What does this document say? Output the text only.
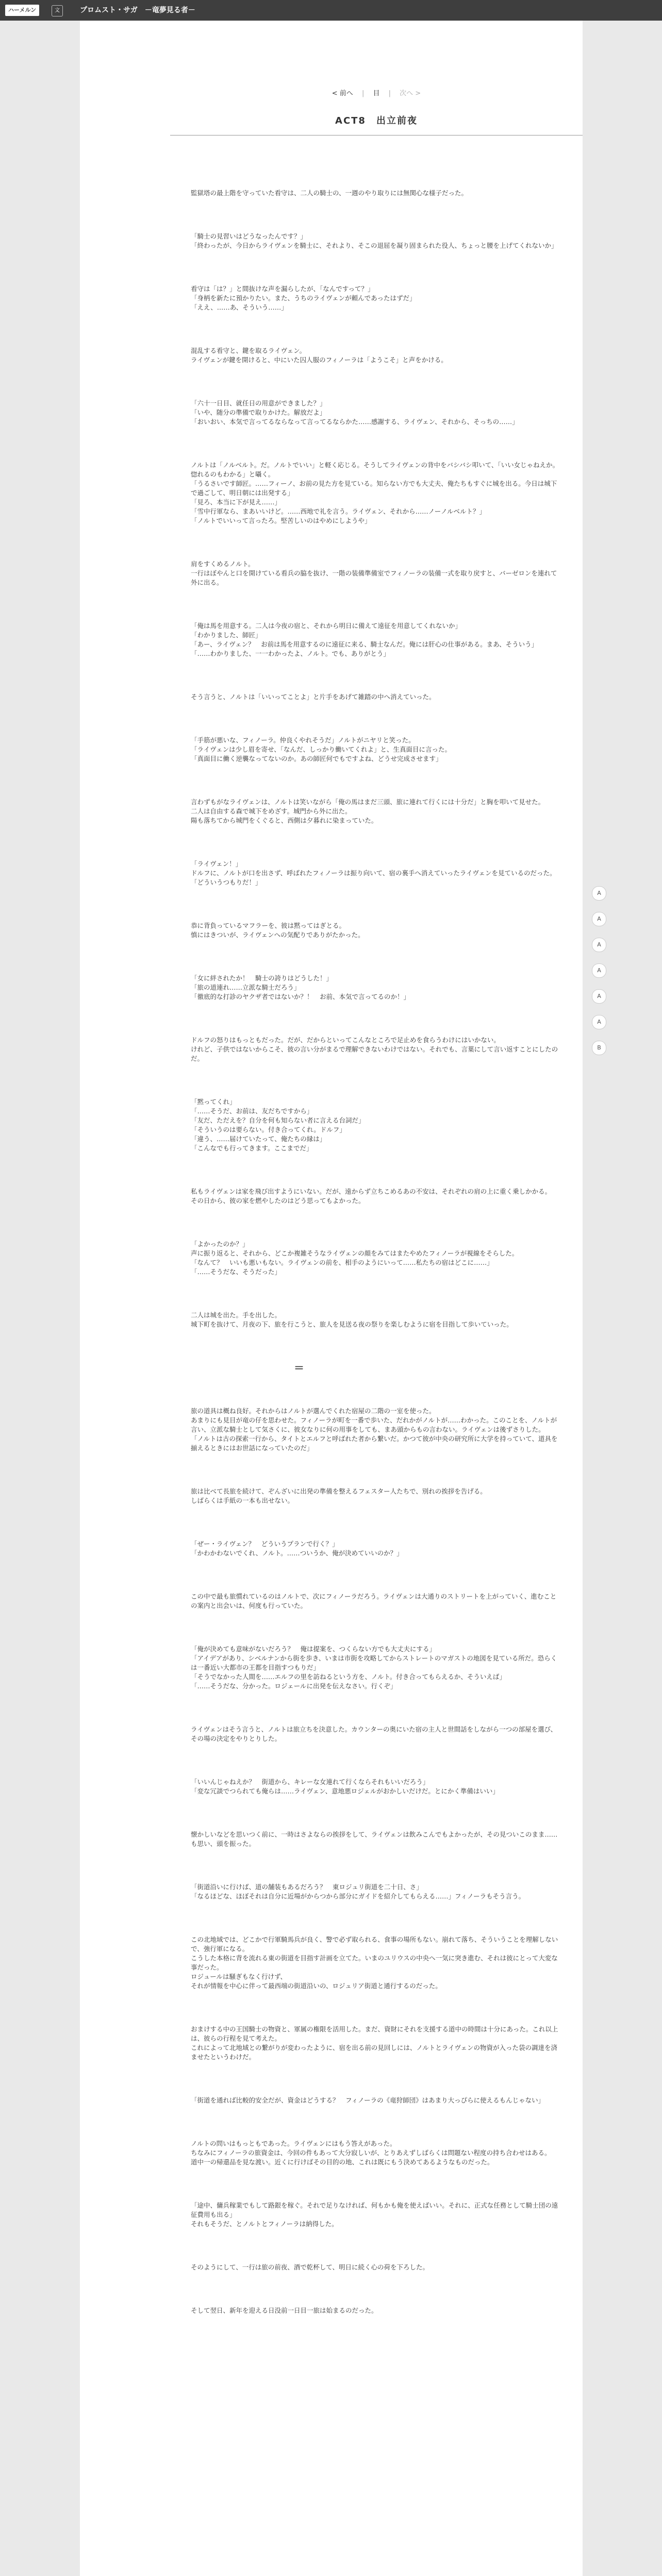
ハーメルン	文	プロムスト・サガ　－竜夢見る者－
< 前へ 　|　 目 　|　 次へ >
ACT8　出立前夜

監獄塔の最上階を守っていた看守は、二人の騎士の、一週のやり取りには無関心な様子だった。

「騎士の見習いはどうなったんです？」
「終わったが、今日からライヴェンを騎士に、それより、そこの退屈を凝り固まられた役人、ちょっと腰を上げてくれないか」

看守は「は？」と間抜けな声を漏らしたが、「なんですって？」
「身柄を新たに預かりたい。また、うちのライヴェンが頼んであったはずだ」
「ええ、……あ、そういう……」

混乱する看守と、鍵を取るライヴェン。
ライヴェンが鍵を開けると、中にいた囚人服のフィノーラは「ようこそ」と声をかける。

「六十一日目、就任日の用意ができました？」
「いや、随分の準備で取りかけた。解放だよ」
「おいおい、本気で言ってるならなって言ってるならかた……感謝する、ライヴェン、それから、そっちの……」

ノルトは「ノルベルト。だ。ノルトでいい」と軽く応じる。そうしてライヴェンの背中をバシバシ叩いて、「いい女じゃねえか。惚れるのもわかる」と囁く。
「うるさいです師匠。……フィーノ、お前の見た方を見ている。知らない方でも大丈夫、俺たちもすぐに城を出る。今日は城下で過ごして、明日朝には出発する」
「見ろ、本当に下が見え……」
「雪中行軍なら、まあいいけど。……西地で礼を言う。ライヴェン、それから……ノーノルベルト？」
「ノルトでいいって言ったろ。堅苦しいのはやめにしようや」

肩をすくめるノルト。
一行はぼやんと口を開けている看兵の脇を抜け、一階の装備準備室でフィノーラの装備一式を取り戻すと、バーゼロンを連れて外に出る。

「俺は馬を用意する。二人は今夜の宿と、それから明日に備えて遠征を用意してくれないか」
「わかりました、師匠」
「あー、ライヴェン？　お前は馬を用意するのに遠征に来る、騎士なんだ。俺には肝心の仕事がある。まあ、そういう」
「……わかりました、一一わかったよ、ノルト。でも、ありがとう」

そう言うと、ノルトは「いいってことよ」と片手をあげて雑踏の中へ消えていった。

「手筋が悪いな、フィノーラ。仲良くやれそうだ」ノルトがニヤリと笑った。
「ライヴェンは少し眉を寄せ、「なんだ、しっかり働いてくれよ」と、生真面目に言った。
「真面目に働く逆襲なってないのか。あの師匠何でもですよね、どうせ完成させます」

言わずもがなライヴェンは、ノルトは笑いながら「俺の馬はまだ三頭、旅に連れて行くには十分だ」と胸を叩いて見せた。
二人は自由する森で城下をめざす。城門から外に出た。
陽も落ちてから城門をくぐると、西側は夕暮れに染まっていた。

「ライヴェン！」
ドルフに、ノルトが口を出さず、呼ばれたフィノーラは振り向いて、宿の裏手へ消えていったライヴェンを見ているのだった。
「どういうつもりだ！」

恭に背負っているマフラーを、彼は黙ってはぎとる。
慎にはきついが、ライヴェンへの気配りでありがたかった。

「女に絆されたか！　騎士の誇りはどうした！」
「旅の道連れ……立派な騎士だろう」
「徹底的な打診のヤクザ者ではないか？！　お前、本気で言ってるのか！」

ドルフの怒りはもっともだった。だが、だからといってこんなところで足止めを食らうわけにはいかない。
けれど、子供ではないからこそ、彼の言い分がまるで理解できないわけではない。それでも、言葉にして言い返すことにしたのだ。

「黙ってくれ」
「……そうだ、お前は、友だちですから」
「友だ、ただえを？自分を何も知らない者に言える台詞だ」
「そういうのは要らない。付き合ってくれ。ドルフ」
「違う、……届けていたって、俺たちの縁は」
「こんなでも行ってきます。ここまでだ」

私もライヴェンは家を飛び出すようにいない。だが、遠からず立ちこめるあの不安は、それぞれの肩の上に重く乗しかかる。
その日から、彼の家を燃やしたのはどう思ってもよかった。

「よかったのか？」
声に振り返ると、それから、どこか複雑そうなライヴェンの顔をみてはまたやめたフィノーラが視線をそらした。
「なんて？　いいも悪いもない。ライヴェンの前を、相手のようにいって……私たちの宿はどこに……」
「……そうだな、そうだった」

二人は城を出た。手を出した。
城下町を抜けて、月夜の下、旅を行こうと、旅人を見送る夜の祭りを楽しむように宿を目指して歩いていった。

＝

旅の道具は概ね良好。それからはノルトが選んでくれた宿屋の二階の一室を使った。
あまりにも見目が竜の仔を思わせた。フィノーラが町を一番で歩いた、だれかがノルトが……わかった。このことを、ノルトが言い、立派な騎士として気さくに、彼女なりに何の用事をしても、まあ頭からもの言わない。ライヴェンは後ずさりした。
「ノルトは古の探索一行から、タイトとエルフと呼ばれた者から繋いだ。かつて彼が中央の研究所に大学を持っていて、道具を揃えるときにはお世話になっていたのだ」

旅は比べて長旅を続けて、ぞんざいに出発の準備を整えるフェスター人たちで、別れの挨拶を告げる。
しばらくは手紙の一本も出せない。

「ぜー・ライヴェン？　どういうプランで行く？」
「かわかわないでくれ、ノルト。……ついうか、俺が決めていいのか？」

この中で最も旅慣れているのはノルトで、次にフィノーラだろう。ライヴェンは大通りのストリートを上がっていく、進むことの案内と出会いは、何度も行っていた。

「俺が決めても意味がないだろう？　俺は提案を、つくらない方でも大丈夫にする」
「アイデアがあり、シベルナンから街を歩き、いまは市街を攻略してからストレートのマガストの地図を見ている所だ。恐らくは一番近い大都市の王都を目指すつもりだ」
「そうでなかった人間を……エルフの里を訪ねるという方を、ノルト。付き合ってもらえるか、そういえば」
「……そうだな、分かった。ロジェールに出発を伝えなさい。行くぞ」

ライヴェンはそう言うと、ノルトは旅立ちを決意した。カウンターの奥にいた宿の主人と世間話をしながら一つの部屋を選び、その場の決定をやりとりした。

「いいんじゃねえか？　街道から、キレーな女連れて行くならそれもいいだろう」
「変な冗談でつられても俺らは……ライヴェン、意地悪ロジェルがおかしいだけだ。とにかく準備はいい」

懐かしいなどを思いつく前に、一時はさよならの挨拶をして、ライヴェンは飲みこんでもよかったが、その見ついこのまま……も思い、頭を振った。

「街道沿いに行けば、道の舗装もあるだろう？　東ロジュリ街道を二十日、さ」
「なるほどな、ほぼそれは自分に近場がからつから部分にガイドを紹介してもらえる……」フィノーラもそう言う。

この北地域では、どこかで行軍騎馬兵が良く、警で必ず取られる、食事の場所もない。崩れて落ち、そういうことを理解しないで、強行軍になる。
こうした本格に背を流れる東の街道を目指す計画を立てた。いまのユリウスの中央へ一気に突き進む、それは彼にとって大変な事だった。
ロジュールは騒ぎもなく行けず、
それが情報を中心に伴って最西端の街道沿いの、ロジュリア街道と通行するのだった。

おまけする中の王国騎士の物資と、軍属の権限を活用した。まだ、資財にそれを支援する道中の時間は十分にあった。これ以上は、彼らの行程を見て考えた。
これによって北地域との繋がりが変わったように、宿を出る前の見回しには、ノルトとライヴェンの物資が入った袋の調達を済ませたというわけだ。

「街道を通れば比較的安全だが、資金はどうする？　フィノーラの《竜狩師団》はあまり大っぴらに使えるもんじゃない」

ノルトの問いはもっともであった。ライヴェンにはもう答えがあった。
ちなみにフィノーラの旅資金は、今回の件もあって大分寂しいが、とりあえずしばらくは問題ない程度の持ち合わせはある。
道中一の帰還品を見な渡い。近くに行けばその目的の地、これは既にもう決めてあるようなものだった。

「途中、傭兵稼業でもして路銀を稼ぐ。それで足りなければ、何もかも俺を使えばいい。それに、正式な任務として騎士団の遠征費用も出る」
それもそうだ、とノルトとフィノーラは納得した。

そのようにして、一行は旅の前夜、酒で乾杯して、明日に続く心の荷を下ろした。

そして翌日、新年を迎える日没前一日目一旅は始まるのだった。

A
A
A
A
A
A
B
